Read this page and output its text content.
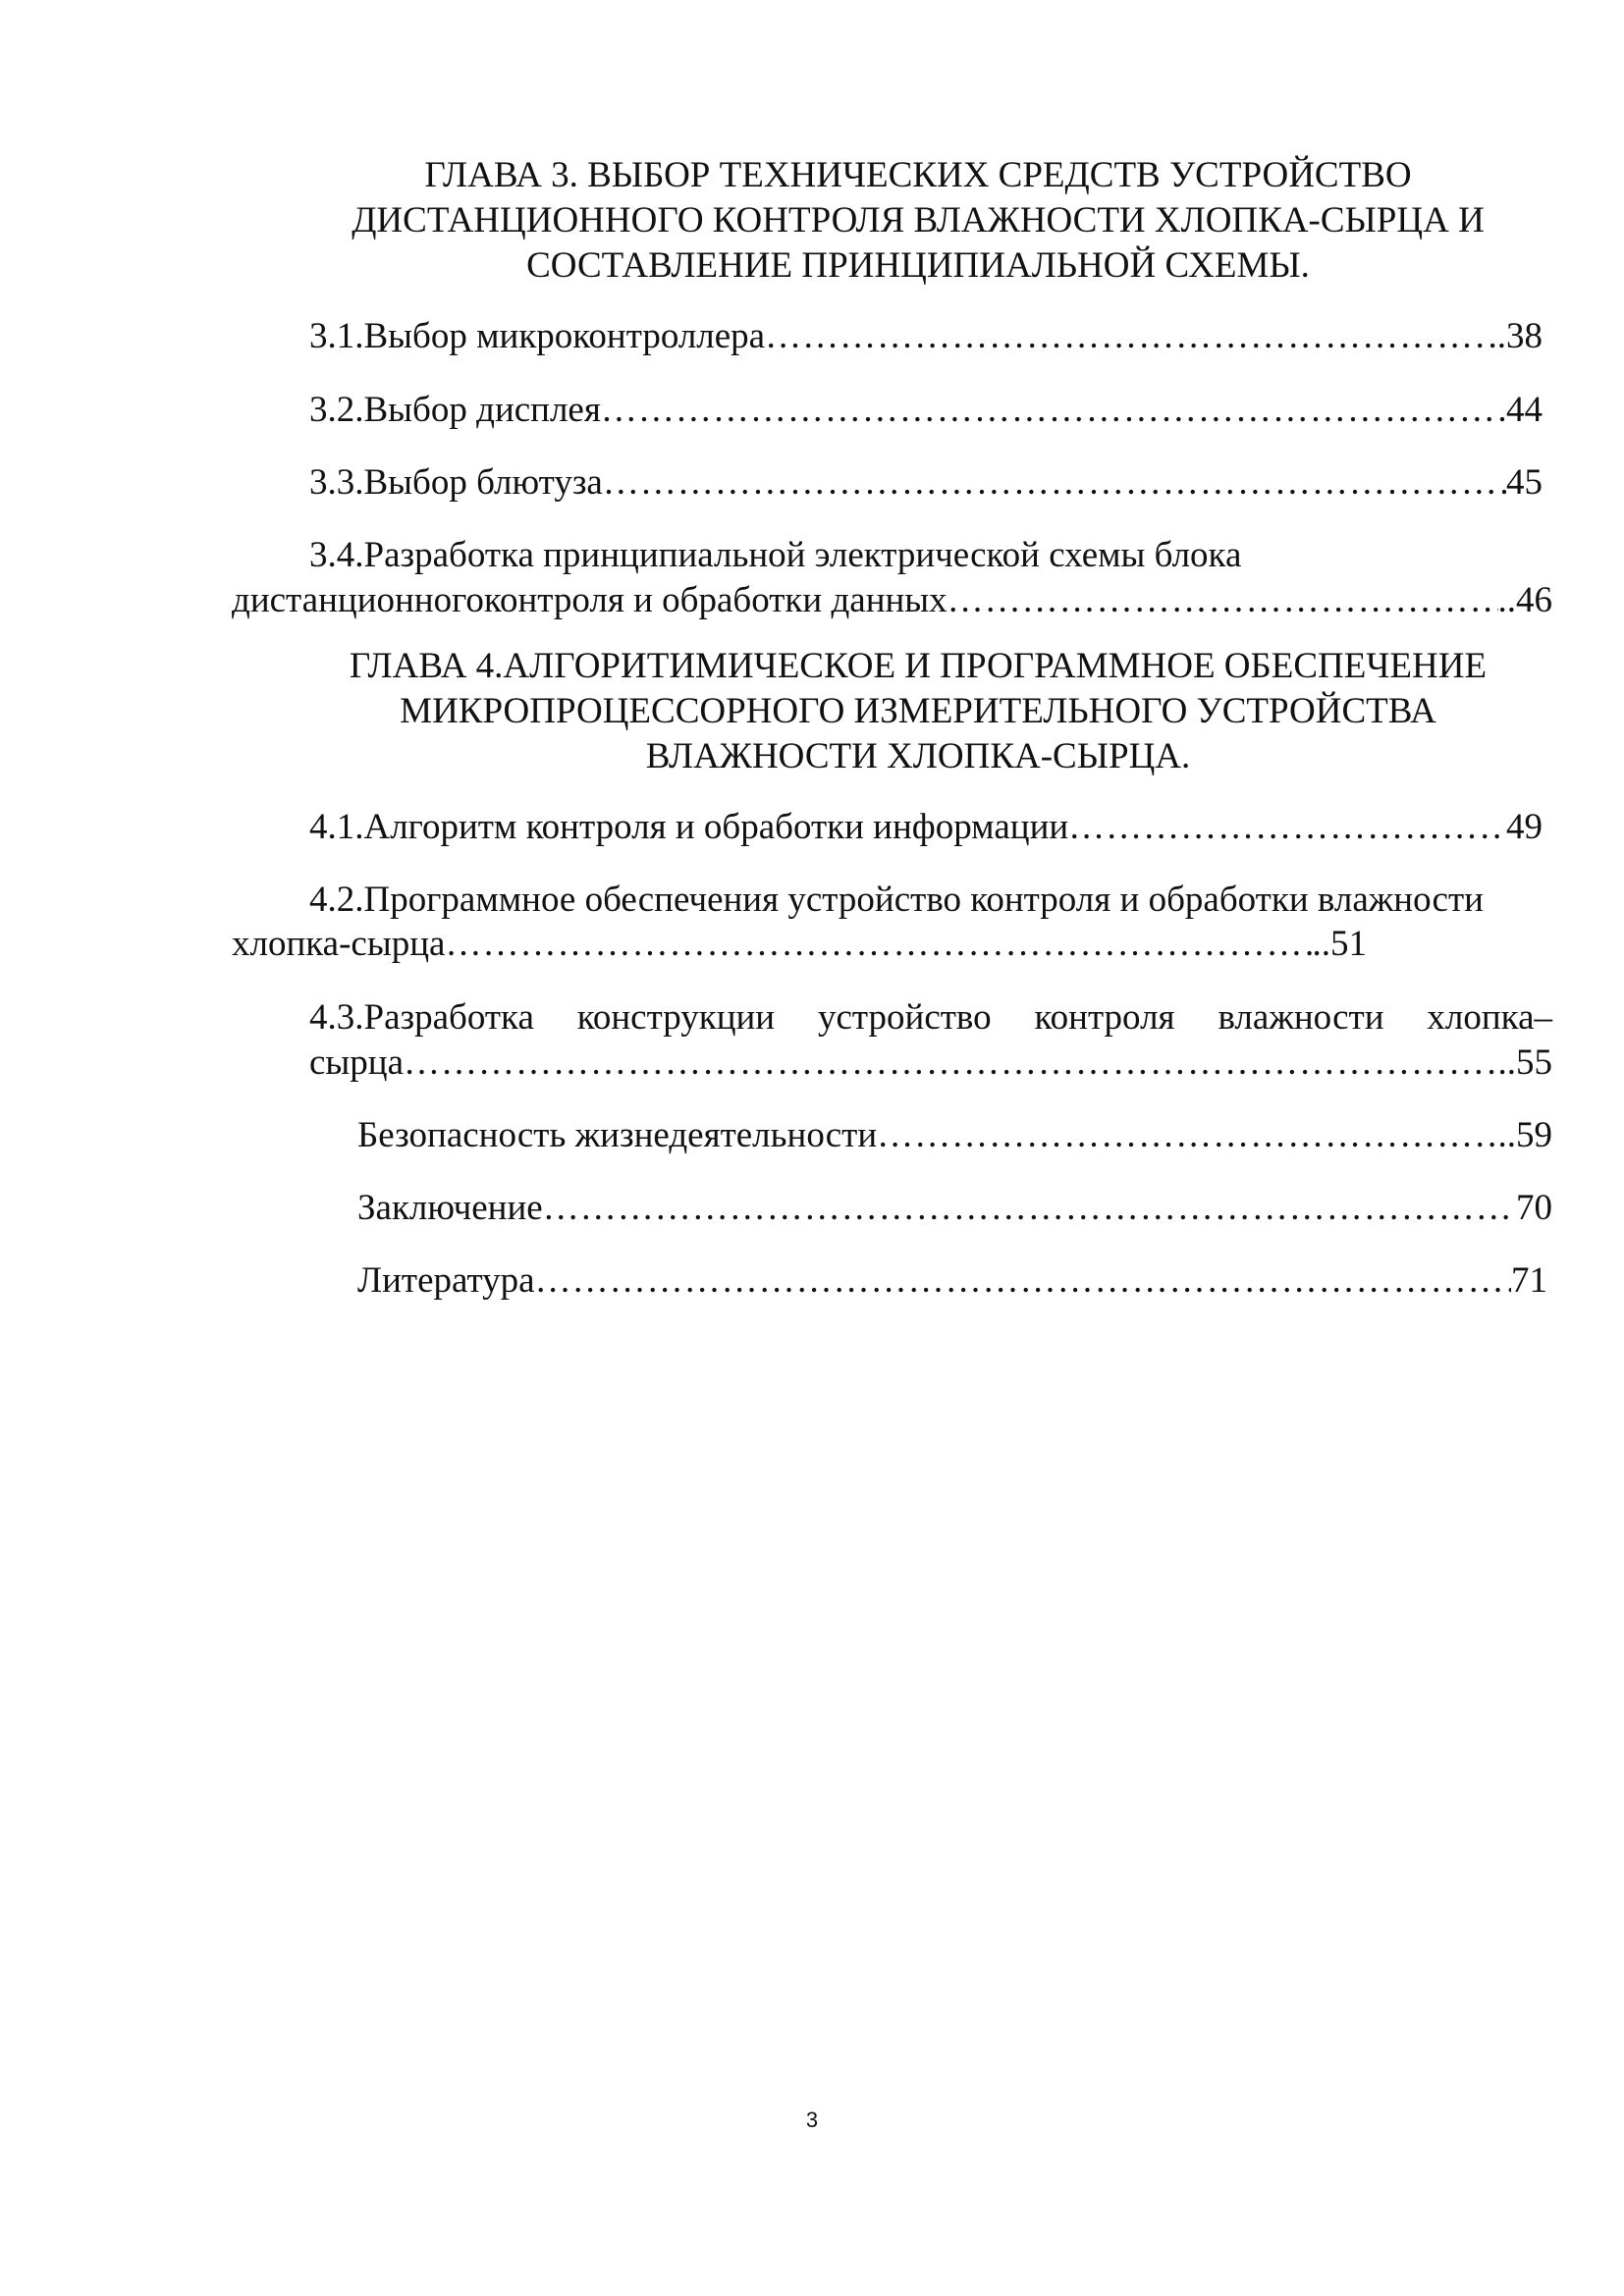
ГЛАВА 3. ВЫБОР ТЕХНИЧЕСКИХ СРЕДСТВ УСТРОЙСТВО
ДИСТАНЦИОННОГО КОНТРОЛЯ ВЛАЖНОСТИ ХЛОПКА-СЫРЦА И
СОСТАВЛЕНИЕ ПРИНЦИПИАЛЬНОЙ СХЕМЫ.
3.1.Выбор микроконтроллера …………………………………………………………………………………………………………………………………………………………………………………………………………………………	..38
3.2.Выбор дисплея …………………………………………………………………………………………………………………………………………………………………………………………………………………………	44
3.3.Выбор блютуза …………………………………………………………………………………………………………………………………………………………………………………………………………………………	45
3.4.Разработка принципиальной электрической схемы блока
дистанционногоконтроля и обработки данных …………………………………………………………………………………………………………………………………………………………………………………………………………………………	..46
ГЛАВА 4.АЛГОРИТИМИЧЕСКОЕ И ПРОГРАММНОЕ ОБЕСПЕЧЕНИЕ
МИКРОПРОЦЕССОРНОГО ИЗМЕРИТЕЛЬНОГО УСТРОЙСТВА
ВЛАЖНОСТИ ХЛОПКА-СЫРЦА.
4.1.Алгоритм контроля и обработки информации …………………………………………………………………………………………………………………………………………………………………………………………………………………………	49
4.2.Программное обеспечения устройство контроля и обработки влажности
хлопка-сырца …………………………………………………………………………………………………………………………………………………………………………………………………………………………	..51
4.3.Разработка конструкции устройство контроля влажности хлопка–
сырца …………………………………………………………………………………………………………………………………………………………………………………………………………………………	..55
Безопасность жизнедеятельности …………………………………………………………………………………………………………………………………………………………………………………………………………………………	..59
Заключение …………………………………………………………………………………………………………………………………………………………………………………………………………………………	70
Литература …………………………………………………………………………………………………………………………………………………………………………………………………………………………	71
3
